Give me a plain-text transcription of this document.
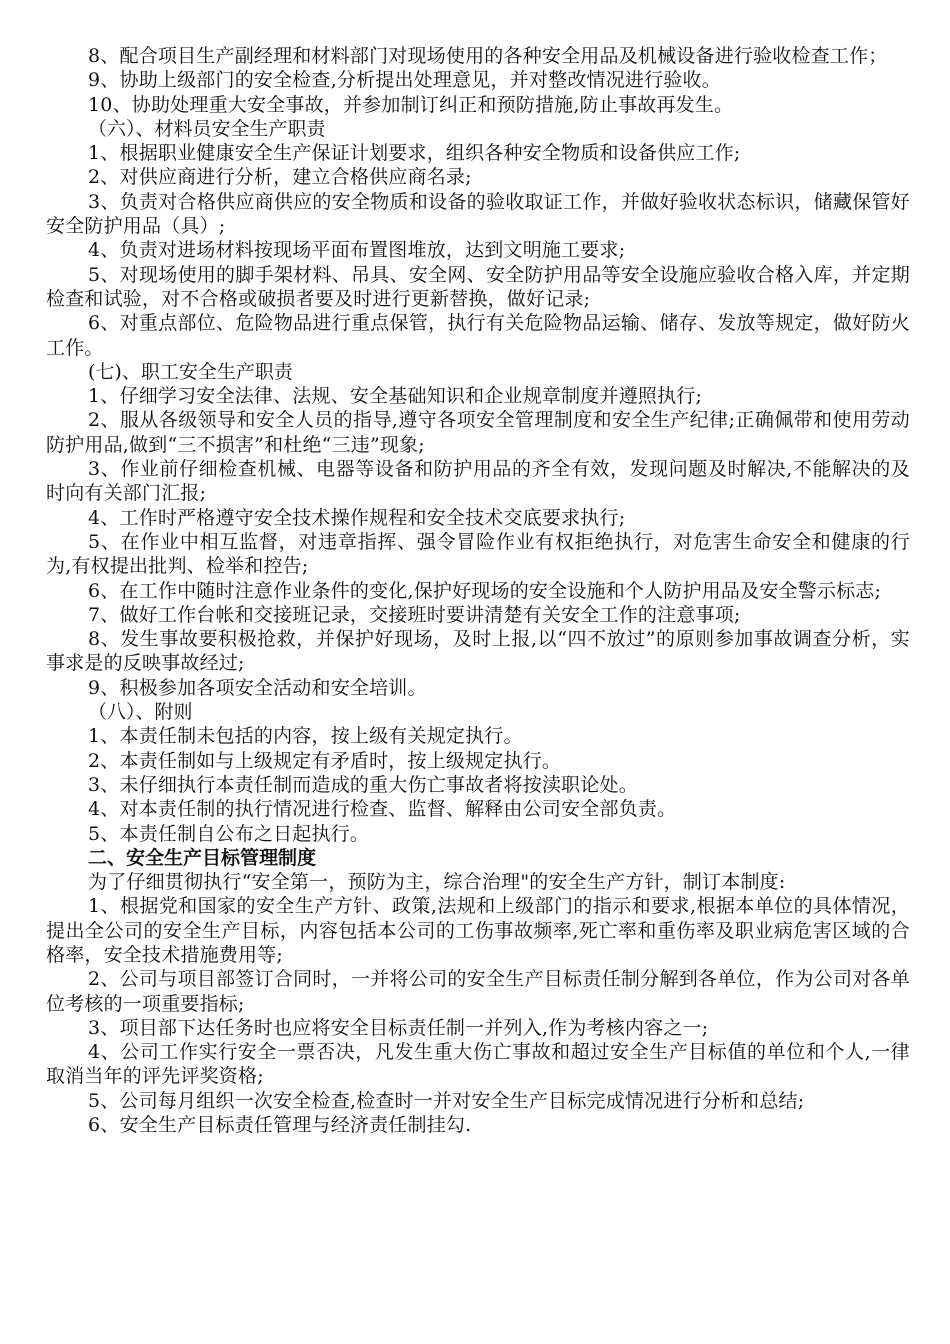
8、配合项目生产副经理和材料部门对现场使用的各种安全用品及机械设备进行验收检查工作；

9、协助上级部门的安全检查,分析提出处理意见，并对整改情况进行验收。

10、协助处理重大安全事故，并参加制订纠正和预防措施,防止事故再发生。

（六）、材料员安全生产职责

1、根据职业健康安全生产保证计划要求，组织各种安全物质和设备供应工作;

2、对供应商进行分析，建立合格供应商名录;

3、负责对合格供应商供应的安全物质和设备的验收取证工作，并做好验收状态标识，储藏保管好安全防护用品（具）;

4、负责对进场材料按现场平面布置图堆放，达到文明施工要求;

5、对现场使用的脚手架材料、吊具、安全网、安全防护用品等安全设施应验收合格入库，并定期检查和试验，对不合格或破损者要及时进行更新替换，做好记录;

6、对重点部位、危险物品进行重点保管，执行有关危险物品运输、储存、发放等规定，做好防火工作。

(七)、职工安全生产职责

1、仔细学习安全法律、法规、安全基础知识和企业规章制度并遵照执行;

2、服从各级领导和安全人员的指导,遵守各项安全管理制度和安全生产纪律;正确佩带和使用劳动防护用品,做到“三不损害”和杜绝“三违”现象;

3、作业前仔细检查机械、电器等设备和防护用品的齐全有效，发现问题及时解决,不能解决的及时向有关部门汇报;

4、工作时严格遵守安全技术操作规程和安全技术交底要求执行;

5、在作业中相互监督，对违章指挥、强令冒险作业有权拒绝执行，对危害生命安全和健康的行为,有权提出批判、检举和控告;

6、在工作中随时注意作业条件的变化,保护好现场的安全设施和个人防护用品及安全警示标志;

7、做好工作台帐和交接班记录，交接班时要讲清楚有关安全工作的注意事项;

8、发生事故要积极抢救，并保护好现场，及时上报,以“四不放过”的原则参加事故调查分析，实事求是的反映事故经过;

9、积极参加各项安全活动和安全培训。

（八）、附则

1、本责任制未包括的内容，按上级有关规定执行。

2、本责任制如与上级规定有矛盾时，按上级规定执行。

3、未仔细执行本责任制而造成的重大伤亡事故者将按渎职论处。

4、对本责任制的执行情况进行检查、监督、解释由公司安全部负责。

5、本责任制自公布之日起执行。

二、安全生产目标管理制度

为了仔细贯彻执行“安全第一，预防为主，综合治理"的安全生产方针，制订本制度:

1、根据党和国家的安全生产方针、政策,法规和上级部门的指示和要求,根据本单位的具体情况，提出全公司的安全生产目标，内容包括本公司的工伤事故频率,死亡率和重伤率及职业病危害区域的合格率，安全技术措施费用等;

2、公司与项目部签订合同时，一并将公司的安全生产目标责任制分解到各单位，作为公司对各单位考核的一项重要指标;

3、项目部下达任务时也应将安全目标责任制一并列入,作为考核内容之一;

4、公司工作实行安全一票否决，凡发生重大伤亡事故和超过安全生产目标值的单位和个人,一律取消当年的评先评奖资格;

5、公司每月组织一次安全检查,检查时一并对安全生产目标完成情况进行分析和总结;

6、安全生产目标责任管理与经济责任制挂勾.
